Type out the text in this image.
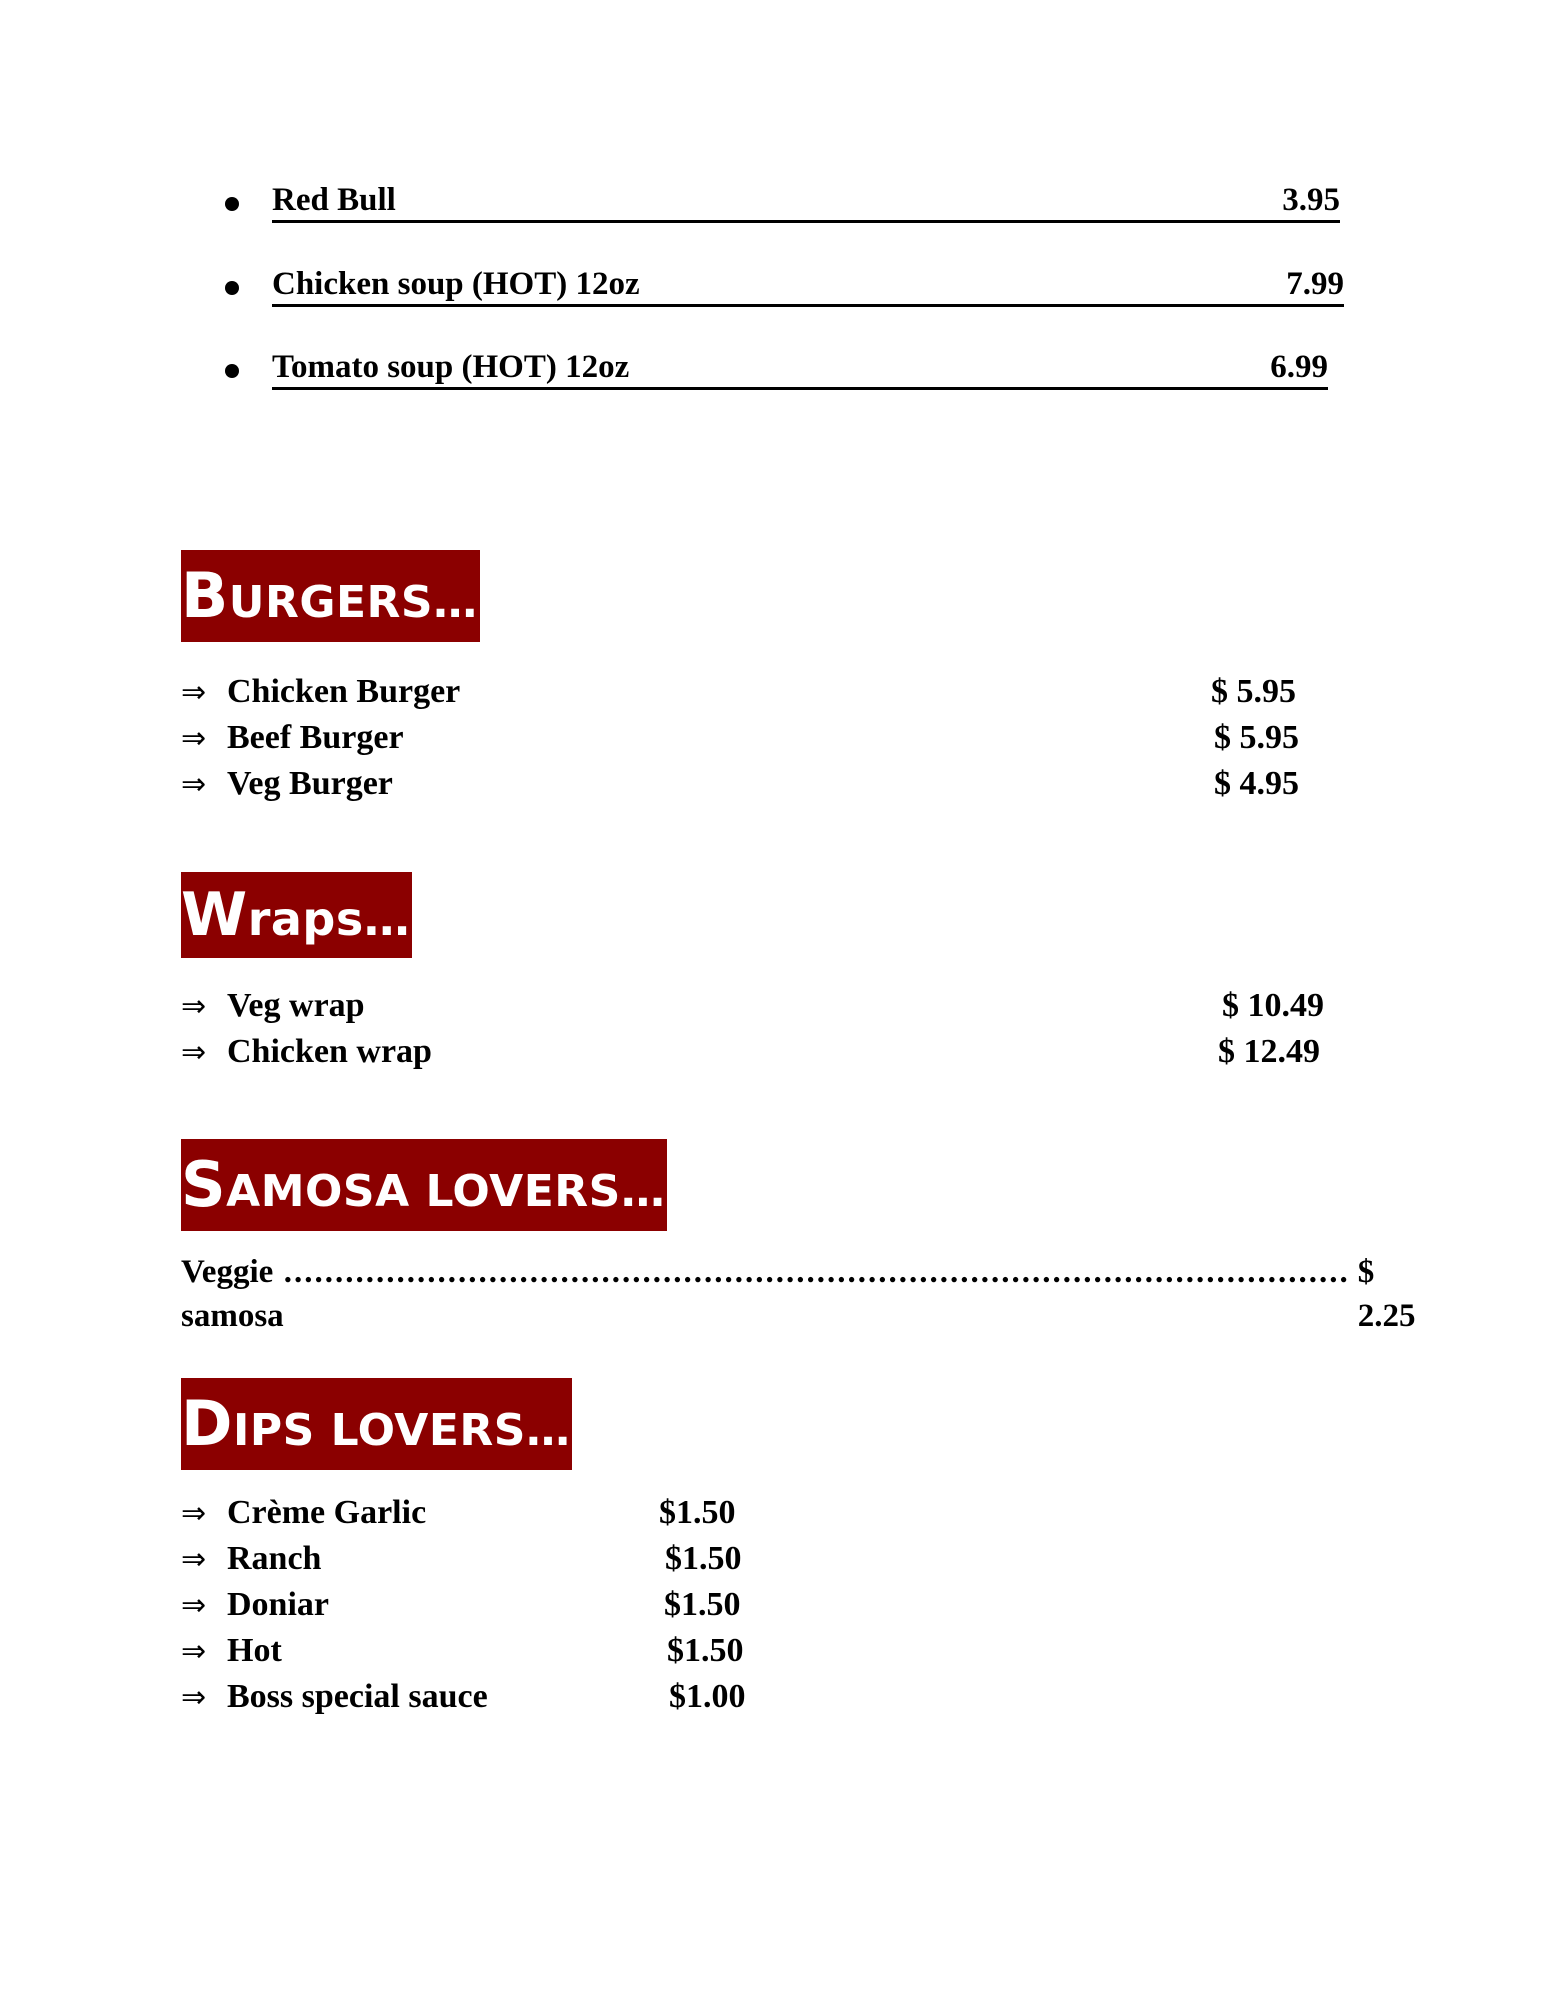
Red Bull	3.95
Chicken soup (HOT) 12oz	7.99
Tomato soup (HOT) 12oz	6.99
BURGERS…
⇒ Chicken Burger	$ 5.95
⇒ Beef Burger	$ 5.95
⇒ Veg Burger	$ 4.95
Wraps…
⇒ Veg wrap	$ 10.49
⇒ Chicken wrap	$ 12.49
SAMOSA LOVERS…
Veggie samosa
........................................................................................................ $ 2.25
DIPS LOVERS…
⇒ Crème Garlic	$1.50
⇒ Ranch	$1.50
⇒ Doniar	$1.50
⇒ Hot	$1.50
⇒ Boss special sauce	$1.00
